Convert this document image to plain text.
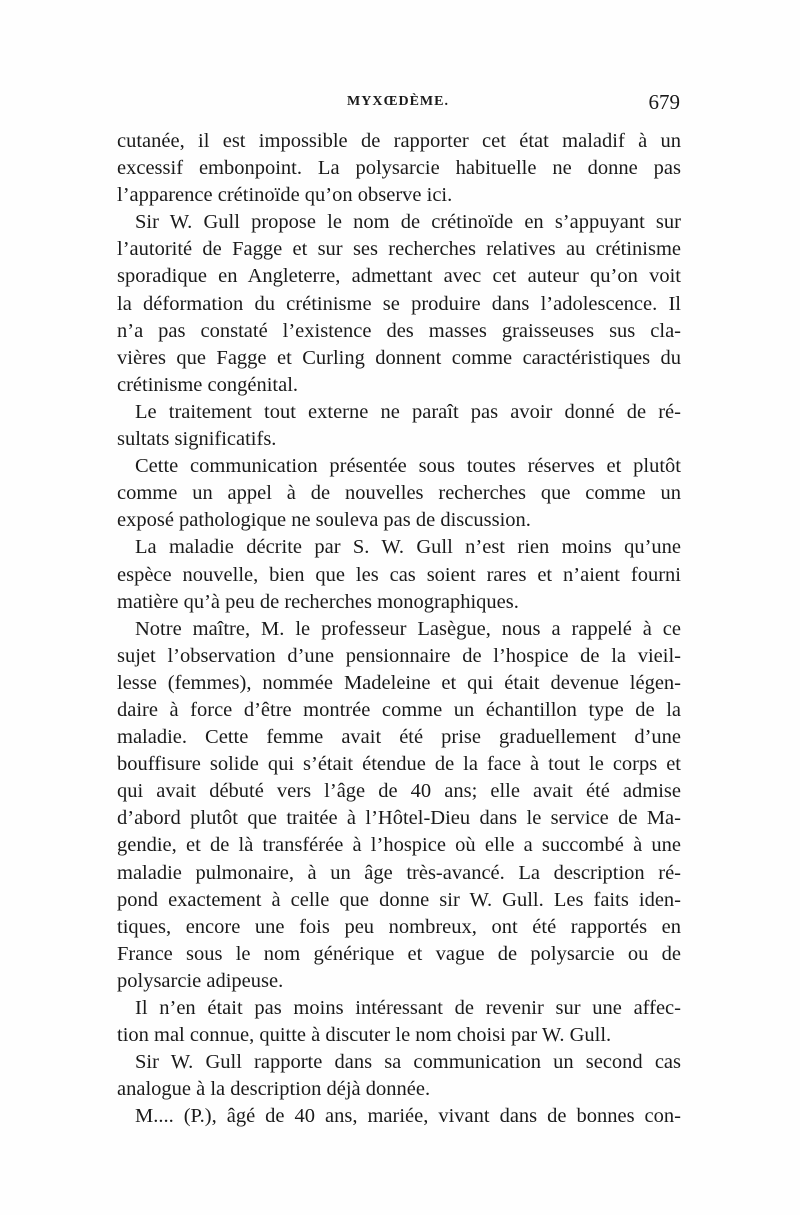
MYXŒDÈME.	679
cutanée, il est impossible de rapporter cet état maladif à un
excessif embonpoint. La polysarcie habituelle ne donne pas
l’apparence crétinoïde qu’on observe ici.
Sir W. Gull propose le nom de crétinoïde en s’appuyant sur
l’autorité de Fagge et sur ses recherches relatives au crétinisme
sporadique en Angleterre, admettant avec cet auteur qu’on voit
la déformation du crétinisme se produire dans l’adolescence. Il
n’a pas constaté l’existence des masses graisseuses sus cla-
vières que Fagge et Curling donnent comme caractéristiques du
crétinisme congénital.
Le traitement tout externe ne paraît pas avoir donné de ré-
sultats significatifs.
Cette communication présentée sous toutes réserves et plutôt
comme un appel à de nouvelles recherches que comme un
exposé pathologique ne souleva pas de discussion.
La maladie décrite par S. W. Gull n’est rien moins qu’une
espèce nouvelle, bien que les cas soient rares et n’aient fourni
matière qu’à peu de recherches monographiques.
Notre maître, M. le professeur Lasègue, nous a rappelé à ce
sujet l’observation d’une pensionnaire de l’hospice de la vieil-
lesse (femmes), nommée Madeleine et qui était devenue légen-
daire à force d’être montrée comme un échantillon type de la
maladie. Cette femme avait été prise graduellement d’une
bouffisure solide qui s’était étendue de la face à tout le corps et
qui avait débuté vers l’âge de 40 ans; elle avait été admise
d’abord plutôt que traitée à l’Hôtel-Dieu dans le service de Ma-
gendie, et de là transférée à l’hospice où elle a succombé à une
maladie pulmonaire, à un âge très-avancé. La description ré-
pond exactement à celle que donne sir W. Gull. Les faits iden-
tiques, encore une fois peu nombreux, ont été rapportés en
France sous le nom générique et vague de polysarcie ou de
polysarcie adipeuse.
Il n’en était pas moins intéressant de revenir sur une affec-
tion mal connue, quitte à discuter le nom choisi par W. Gull.
Sir W. Gull rapporte dans sa communication un second cas
analogue à la description déjà donnée.
M.... (P.), âgé de 40 ans, mariée, vivant dans de bonnes con-
